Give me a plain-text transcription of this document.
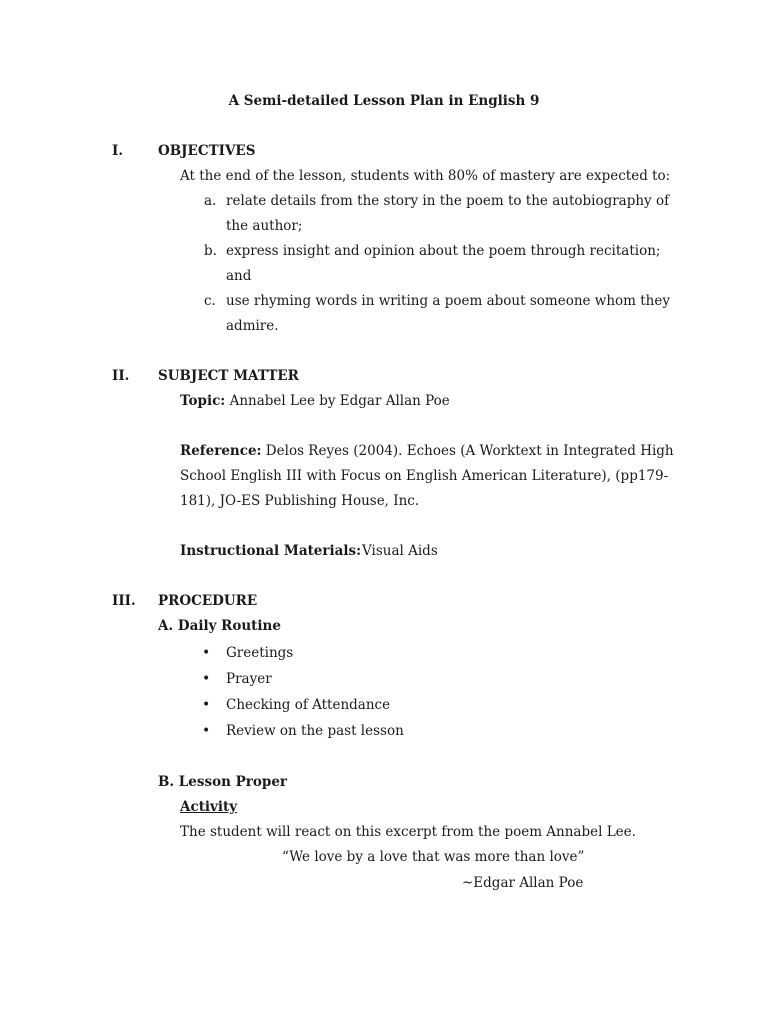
A Semi-detailed Lesson Plan in English 9
I.	OBJECTIVES
At the end of the lesson, students with 80% of mastery are expected to:
a. relate details from the story in the poem to the autobiography of
the author;
b. express insight and opinion about the poem through recitation;
and
c. use rhyming words in writing a poem about someone whom they
admire.
II. SUBJECT MATTER
Topic: Annabel Lee by Edgar Allan Poe
Reference: Delos Reyes (2004). Echoes (A Worktext in Integrated High
School English III with Focus on English American Literature), (pp179-
181), JO-ES Publishing House, Inc.
Instructional Materials: Visual Aids
III. PROCEDURE
A. Daily Routine
• Greetings
• Prayer
• Checking of Attendance
• Review on the past lesson
B. Lesson Proper
Activity
The student will react on this excerpt from the poem Annabel Lee.
“We love by a love that was more than love”
~Edgar Allan Poe
